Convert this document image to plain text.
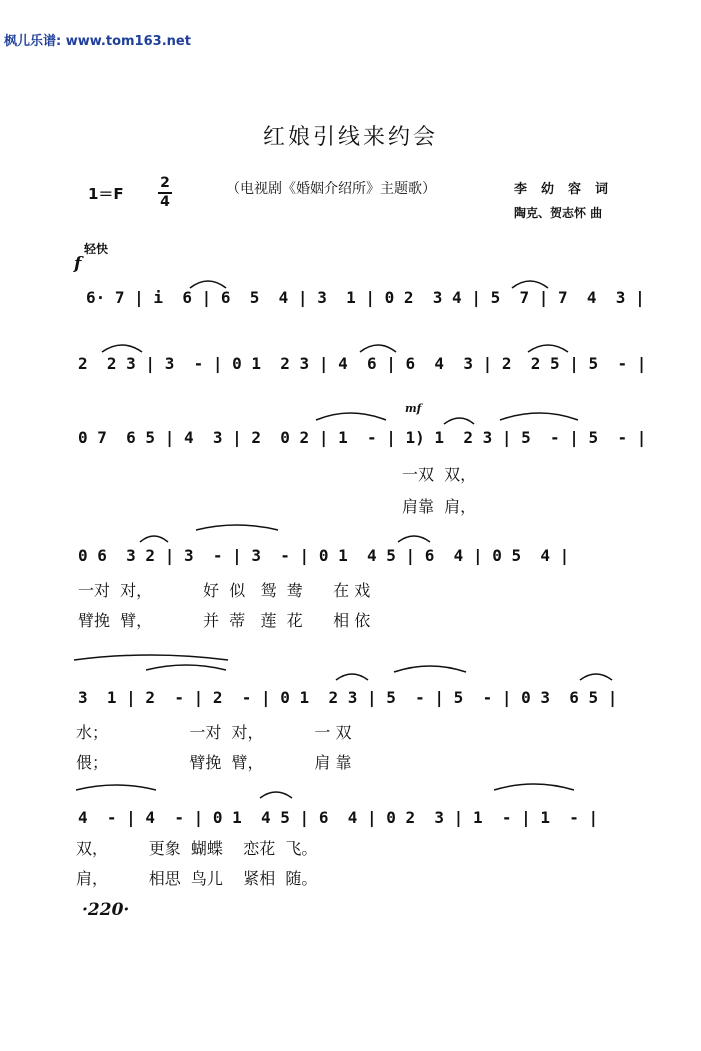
枫儿乐谱: www.tom163.net
红娘引线来约会
1＝F
2
4
（电视剧《婚姻介绍所》主题歌）	李幼容词
陶克、贺志怀 曲
轻快
f
mf
6· 7 | i  6 | 6  5  4 | 3  1 | 0 2  3 4 | 5  7 | 7  4  3 |
2  2 3 | 3  - | 0 1  2 3 | 4  6 | 6  4  3 | 2  2 5 | 5  - |
0 7  6 5 | 4  3 | 2  0 2 | 1  - | 1) 1  2 3 | 5  - | 5  - |
一双  双，
肩靠  肩，
0 6  3 2 | 3  - | 3  - | 0 1  4 5 | 6  4 | 0 5  4 |
一对  对，          好  似   鸳  鸯      在 戏
臂挽  臂，          并  蒂   莲  花      相 依
3  1 | 2  - | 2  - | 0 1  2 3 | 5  - | 5  - | 0 3  6 5 |
水；                一对  对，          一 双
偎；                臂挽  臂，          肩 靠
4  - | 4  - | 0 1  4 5 | 6  4 | 0 2  3 | 1  - | 1  - |
双，        更象  蝴蝶    恋花  飞。
肩，        相思  鸟儿    紧相  随。
·220·
